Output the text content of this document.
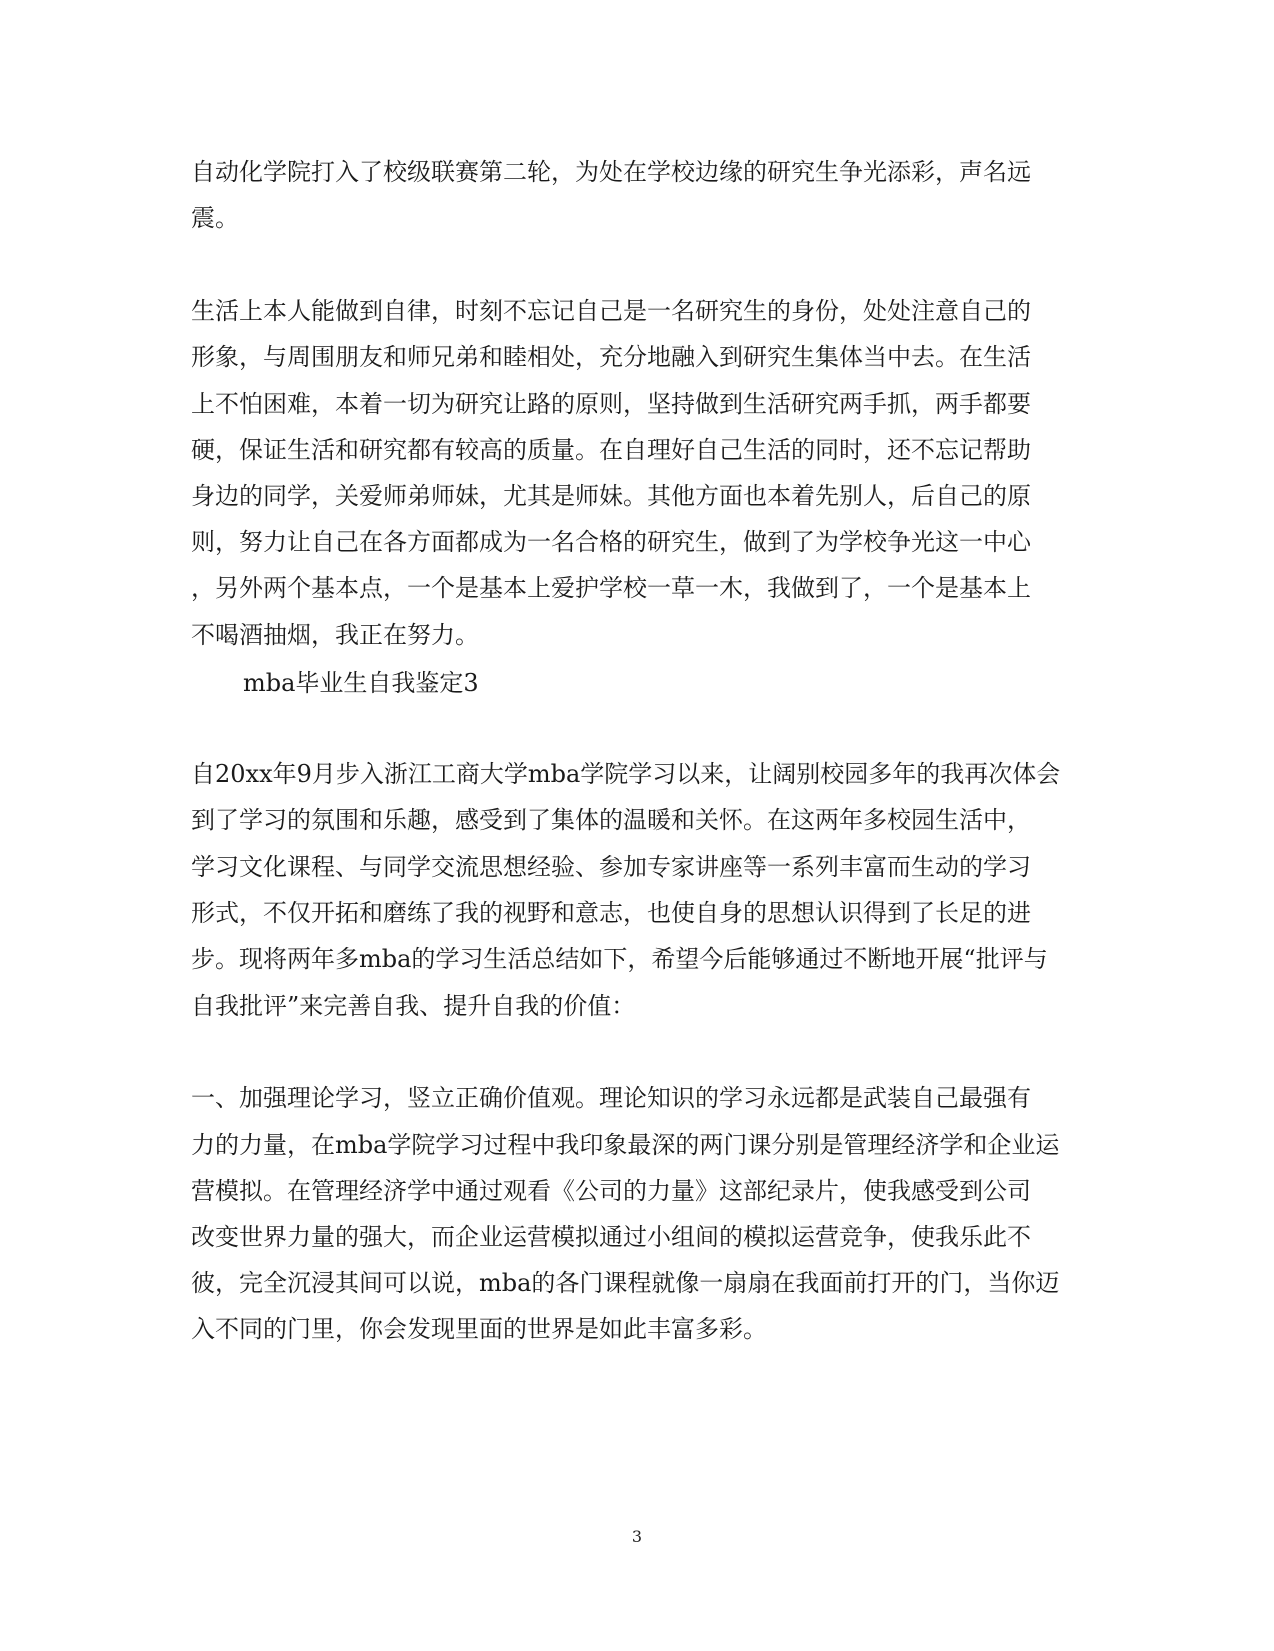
自动化学院打入了校级联赛第二轮，为处在学校边缘的研究生争光添彩，声名远
震。
生活上本人能做到自律，时刻不忘记自己是一名研究生的身份，处处注意自己的
形象，与周围朋友和师兄弟和睦相处，充分地融入到研究生集体当中去。在生活
上不怕困难，本着一切为研究让路的原则，坚持做到生活研究两手抓，两手都要
硬，保证生活和研究都有较高的质量。在自理好自己生活的同时，还不忘记帮助
身边的同学，关爱师弟师妹，尤其是师妹。其他方面也本着先别人，后自己的原
则，努力让自己在各方面都成为一名合格的研究生，做到了为学校争光这一中心
，另外两个基本点，一个是基本上爱护学校一草一木，我做到了，一个是基本上
不喝酒抽烟，我正在努力。
mba毕业生自我鉴定3
自20xx年9月步入浙江工商大学mba学院学习以来，让阔别校园多年的我再次体会
到了学习的氛围和乐趣，感受到了集体的温暖和关怀。在这两年多校园生活中，
学习文化课程、与同学交流思想经验、参加专家讲座等一系列丰富而生动的学习
形式，不仅开拓和磨练了我的视野和意志，也使自身的思想认识得到了长足的进
步。现将两年多mba的学习生活总结如下，希望今后能够通过不断地开展“批评与
自我批评”来完善自我、提升自我的价值：
一、加强理论学习，竖立正确价值观。理论知识的学习永远都是武装自己最强有
力的力量，在mba学院学习过程中我印象最深的两门课分别是管理经济学和企业运
营模拟。在管理经济学中通过观看《公司的力量》这部纪录片，使我感受到公司
改变世界力量的强大，而企业运营模拟通过小组间的模拟运营竞争，使我乐此不
彼，完全沉浸其间可以说，mba的各门课程就像一扇扇在我面前打开的门，当你迈
入不同的门里，你会发现里面的世界是如此丰富多彩。
3
